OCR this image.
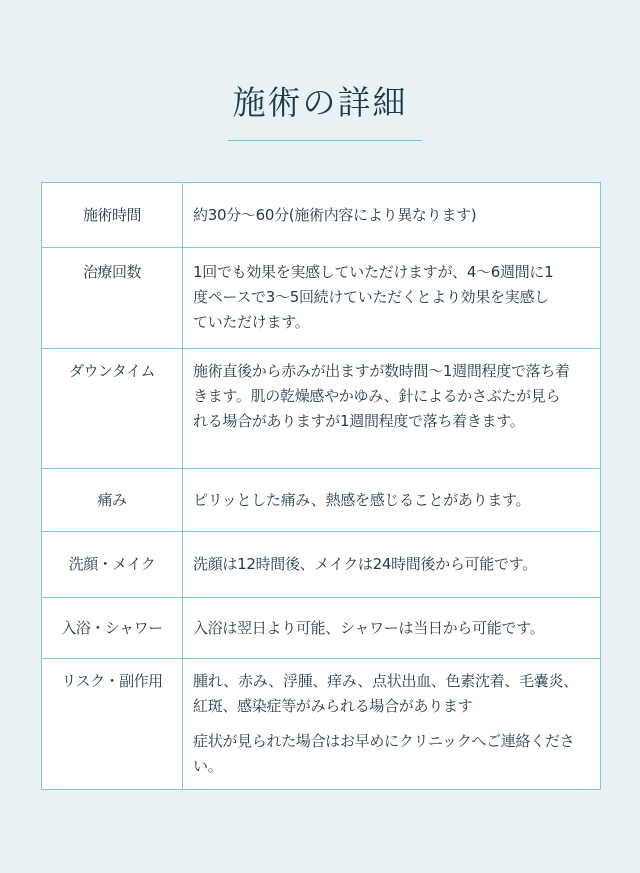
施術の詳細
施術時間	約30分〜60分(施術内容により異なります)

治療回数	1回でも効果を実感していただけますが、4〜6週間に1度ペースで3〜5回続けていただくとより効果を実感していただけます。

ダウンタイム	施術直後から赤みが出ますが数時間〜1週間程度で落ち着きます。肌の乾燥感やかゆみ、針によるかさぶたが見られる場合がありますが1週間程度で落ち着きます。

痛み	ピリッとした痛み、熱感を感じることがあります。

洗顔・メイク	洗顔は12時間後、メイクは24時間後から可能です。

入浴・シャワー	入浴は翌日より可能、シャワーは当日から可能です。

リスク・副作用	腫れ、赤み、浮腫、痒み、点状出血、色素沈着、毛嚢炎、紅斑、感染症等がみられる場合があります
症状が見られた場合はお早めにクリニックへご連絡ください。
